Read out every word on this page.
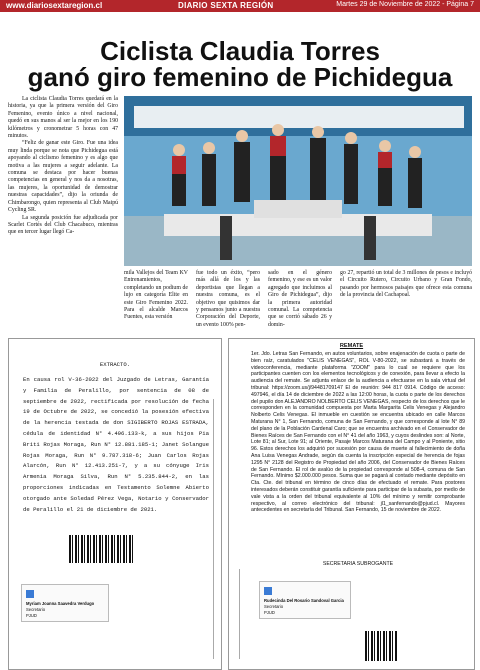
www.diariosextaregion.cl	DIARIO SEXTA REGIÓN	Martes 29 de Noviembre de 2022 - Página 7
Ciclista Claudia Torres
ganó giro femenino de Pichidegua

La ciclista Claudia Torres quedará en la historia, ya que la primera versión del Giro Femenino, evento único a nivel nacional, quedó en sus manos al ser la mejor en los 190 kilómetros y cronometrar 5 horas con 47 minutos.

“Feliz de ganar este Giro. Fue una idea muy linda porque se nota que Pichidegua está apoyando al ciclismo femenino y es algo que motiva a las mujeres a seguir adelante. La comuna se destaca por hacer buenas competencias en general y nos da a nosotras, las mujeres, la oportunidad de demostrar nuestras capacidades”, dijo la oriunda de Chimbarongo, quien representa al Club Maipú Cycling SR.

La segunda posición fue adjudicada por Scarlet Cortés del Club Chacabuco, mientras que en tercer lugar llegó Ca-

mila Vallejos del Team KV Entrenamientos, completando un podium de lujo en categoría Elite en este Giro Femenino 2022. Para el alcalde Marcos Fuentes, esta versión

fue todo un éxito, “pero más allá de los y las deportistas que llegan a nuestra comuna, es el objetivo que quisimos dar y pensamos junto a nuestra Corporación del Deporte, un evento 100% pen-

sado en el género femenino, y ese es un valor agregado que incluimos al Giro de Pichidegua”, dijo la primera autoridad comunal. La competencia que se corrió sábado 26 y domin-

go 27, repartió un total de 3 millones de pesos e incluyó el Circuito Rutero, Circuito Urbano y Gran Fondo, pasando por hermosos paisajes que ofrece esta comuna de la provincia del Cachapoal.

EXTRACTO.
En causa rol V-36-2022 del Juzgado de Letras, Garantía y Familia de Peralillo, por sentencia de 08 de septiembre de 2022, rectificada por resolución de fecha 19 de Octubre de 2022, se concedió la posesión efectiva de la herencia testada de don SIGIBERTO ROJAS ESTRADA, cédula de identidad N° 4.496.133-k, a sus hijos Pia Briti Rojas Moraga, Run N° 12.881.185-1; Janet Solangue Rojas Moraga, Run N° 9.787.318-6; Juan Carlos Rojas Alarcón, Run N° 12.413.251-7, y a su cónyuge Iris Armenia Moraga Silva, Run N° 5.235.844-2, en las proporciones indicadas en Testamento Solemne Abierto otorgado ante Soledad Pérez Vega, Notario y Conservador de Peralillo el 21 de diciembre de 2021.
Myriam Joanna Saavedra Verdugo
Secretario
PJUD
REMATE
1er. Jdo. Letras San Fernando, en autos voluntarios, sobre enajenación de cuota o parte de bien raíz, caratulados "CELIS VENEGAS", ROL V-80-2022, se subastará a través de videoconferencia, mediante plataforma "ZOOM" para lo cual se requiere que los participantes cuenten con los elementos tecnológicos y de conexión, para llevar a efecto la audiencia del remate. Se adjunta enlace de la audiencia a efectuarse en la sala virtual del tribunal: https://zoom.us/j/94481709147 El de reunión: 944 817 0914. Código de acceso: 497946, el día 14 de diciembre de 2022 a las 12:00 horas, la cuota o parte de los derechos del pupilo don ALEJANDRO NOLBERTO CELIS VENEGAS, respecto de los derechos que le corresponden en la comunidad compuesta por Marta Margarita Celis Venegas y Alejandro Nolberto Celis Venegas. El inmueble en cuestión se encuentra ubicado en calle Marcos Maturana N° 1, San Fernando, comuna de San Fernando, y que corresponde al lote N° 89 del plano de la Población Cardenal Caro; que se encuentra archivado en el Conservador de Bienes Raíces de San Fernando con el N° 41 del año 1963, y cuyos deslindes son: al Norte, Lote 81; al Sur, Lote 91; al Oriente, Pasaje Marcos Maturana del Campo y al Poniente, sitio 96. Estos derechos los adquirió por sucesión por causa de muerte al fallecimiento de doña Ana Luisa Venegas Andrade, según da cuenta la inscripción especial de herencia de fojas 1295 N° 2128 del Registro de Propiedad del año 2006, del Conservador de Bienes Raíces de San Fernando. El rol de avalúo de la propiedad corresponde al 508-4, comuna de San Fernando. Mínimo $2.000.000 pesos. Suma que se pagará al contado mediante depósito en Cta. Cte. del tribunal en término de cinco días de efectuado el remate. Para postores interesados deberán constituir garantía suficiente para participar de la subasta, por medio de vale vista a la orden del tribunal equivalente al 10% del mínimo y remitir comprobante respectivo, al correo electrónico del tribunal: jl1_sanfernando@pjud.cl. Mayores antecedentes en secretaría del Tribunal. San Fernando, 15 de noviembre de 2022.
SECRETARIA SUBROGANTE
Rudecinda Del Rosario Sandoval Garcia
Secretario
PJUD
